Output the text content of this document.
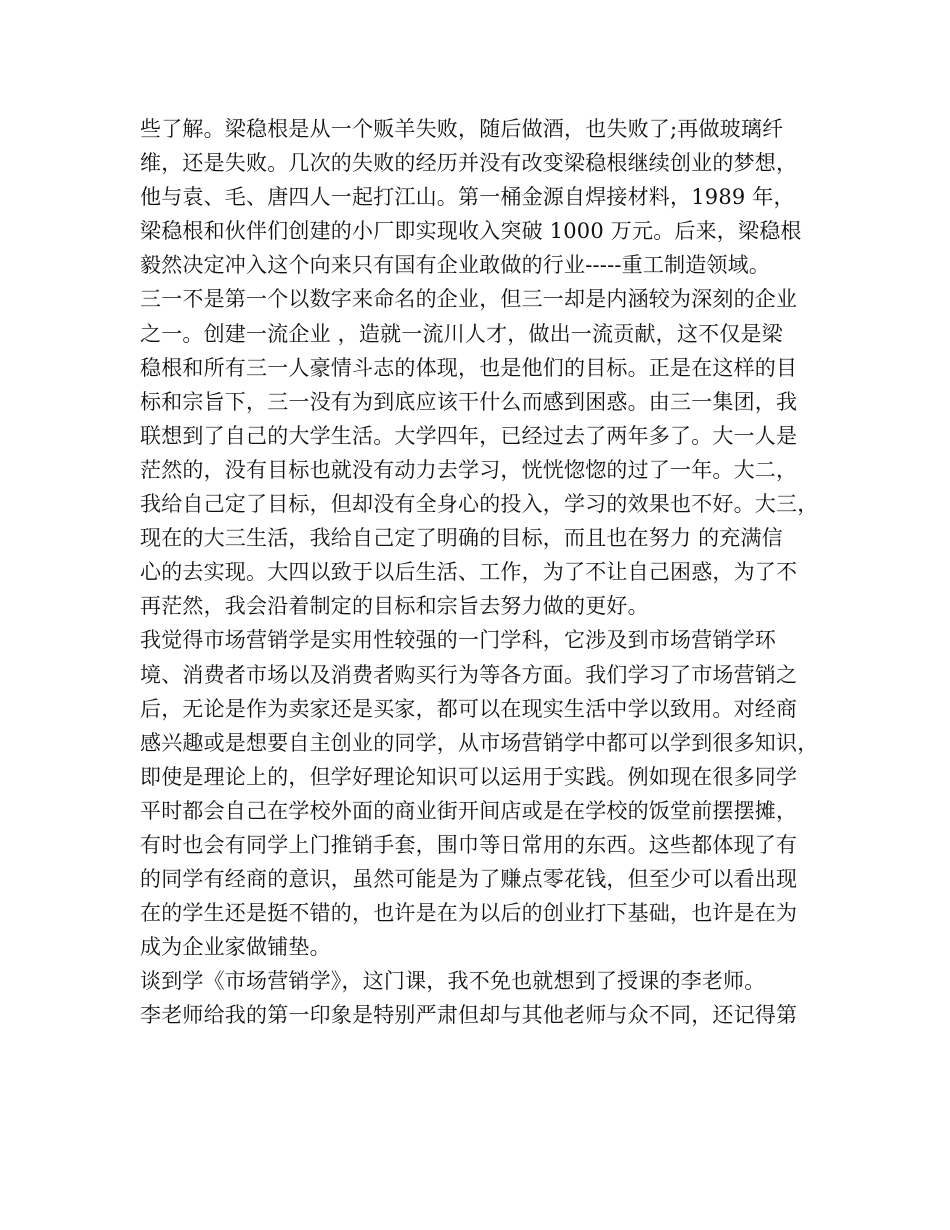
些了解。梁稳根是从一个贩羊失败，随后做酒，也失败了;再做玻璃纤
维，还是失败。几次的失败的经历并没有改变梁稳根继续创业的梦想，
他与袁、毛、唐四人一起打江山。第一桶金源自焊接材料，1989 年，
梁稳根和伙伴们创建的小厂即实现收入突破 1000 万元。后来，梁稳根
毅然决定冲入这个向来只有国有企业敢做的行业-----重工制造领域。
三一不是第一个以数字来命名的企业，但三一却是内涵较为深刻的企业
之一。创建一流企业 ，造就一流川人才，做出一流贡献，这不仅是梁
稳根和所有三一人豪情斗志的体现，也是他们的目标。正是在这样的目
标和宗旨下，三一没有为到底应该干什么而感到困惑。由三一集团，我
联想到了自己的大学生活。大学四年，已经过去了两年多了。大一人是
茫然的，没有目标也就没有动力去学习，恍恍惚惚的过了一年。大二，
我给自己定了目标，但却没有全身心的投入，学习的效果也不好。大三，
现在的大三生活，我给自己定了明确的目标，而且也在努力 的充满信
心的去实现。大四以致于以后生活、工作，为了不让自己困惑，为了不
再茫然，我会沿着制定的目标和宗旨去努力做的更好。
我觉得市场营销学是实用性较强的一门学科，它涉及到市场营销学环
境、消费者市场以及消费者购买行为等各方面。我们学习了市场营销之
后，无论是作为卖家还是买家，都可以在现实生活中学以致用。对经商
感兴趣或是想要自主创业的同学，从市场营销学中都可以学到很多知识，
即使是理论上的，但学好理论知识可以运用于实践。例如现在很多同学
平时都会自己在学校外面的商业街开间店或是在学校的饭堂前摆摆摊，
有时也会有同学上门推销手套，围巾等日常用的东西。这些都体现了有
的同学有经商的意识，虽然可能是为了赚点零花钱，但至少可以看出现
在的学生还是挺不错的，也许是在为以后的创业打下基础，也许是在为
成为企业家做铺垫。
谈到学《市场营销学》，这门课，我不免也就想到了授课的李老师。
李老师给我的第一印象是特别严肃但却与其他老师与众不同，还记得第
